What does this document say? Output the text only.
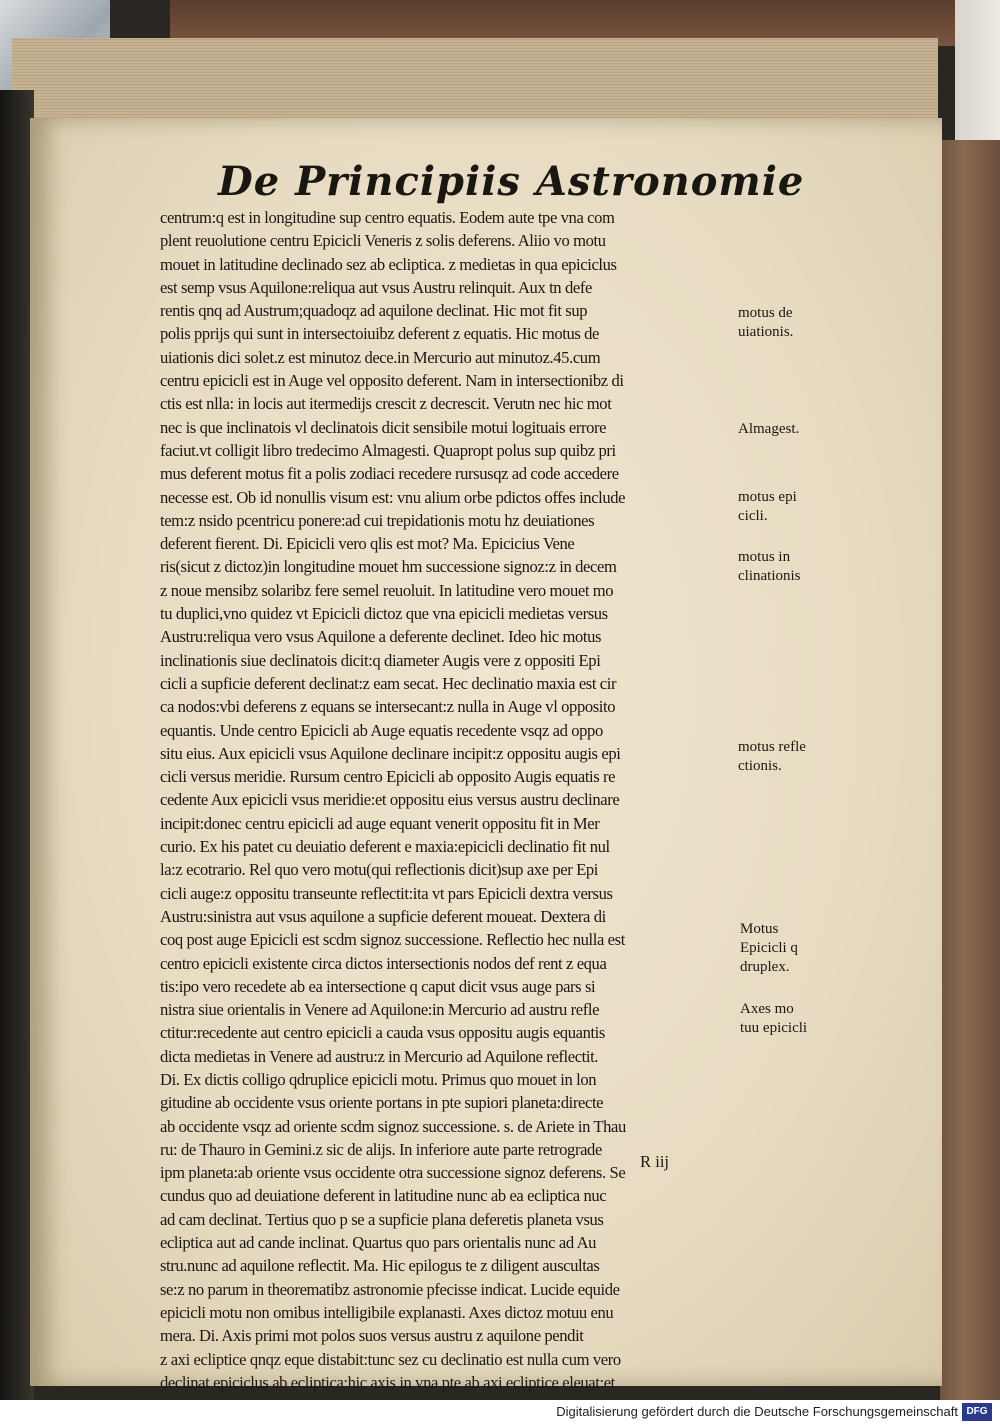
De Principiis Astronomie
centrum:q est in longitudine sup centro equatis. Eodem aute tpe vna com
plent reuolutione centru Epicicli Veneris z solis deferens. Aliio vo motu
mouet in latitudine declinado sez ab ecliptica. z medietas in qua epiciclus
est semp vsus Aquilone:reliqua aut vsus Austru relinquit. Aux tn defe
rentis qnq ad Austrum;quadoqz ad aquilone declinat. Hic mot fit sup
polis pprijs qui sunt in intersectoiuibz deferent z equatis. Hic motus de
uiationis dici solet.z est minutoz dece.in Mercurio aut minutoz.45.cum
centru epicicli est in Auge vel opposito deferent. Nam in intersectionibz di
ctis est nlla: in locis aut itermedijs crescit z decrescit. Verutn nec hic mot
nec is que inclinatois vl declinatois dicit sensibile motui logituais errore
faciut.vt colligit libro tredecimo Almagesti. Quapropt polus sup quibz pri
mus deferent motus fit a polis zodiaci recedere rursusqz ad code accedere
necesse est. Ob id nonullis visum est: vnu alium orbe pdictos offes include
tem:z nsido pcentricu ponere:ad cui trepidationis motu hz deuiationes
deferent fierent. Di. Epicicli vero qlis est mot? Ma. Epicicius Vene
ris(sicut z dictoz)in longitudine mouet hm successione signoz:z in decem
z noue mensibz solaribz fere semel reuoluit. In latitudine vero mouet mo
tu duplici,vno quidez vt Epicicli dictoz que vna epicicli medietas versus
Austru:reliqua vero vsus Aquilone a deferente declinet. Ideo hic motus
inclinationis siue declinatois dicit:q diameter Augis vere z oppositi Epi
cicli a supficie deferent declinat:z eam secat. Hec declinatio maxia est cir
ca nodos:vbi deferens z equans se intersecant:z nulla in Auge vl opposito
equantis. Unde centro Epicicli ab Auge equatis recedente vsqz ad oppo
situ eius. Aux epicicli vsus Aquilone declinare incipit:z oppositu augis epi
cicli versus meridie. Rursum centro Epicicli ab opposito Augis equatis re
cedente Aux epicicli vsus meridie:et oppositu eius versus austru declinare
incipit:donec centru epicicli ad auge equant venerit oppositu fit in Mer
curio. Ex his patet cu deuiatio deferent e maxia:epicicli declinatio fit nul
la:z ecotrario. Rel quo vero motu(qui reflectionis dicit)sup axe per Epi
cicli auge:z oppositu transeunte reflectit:ita vt pars Epicicli dextra versus
Austru:sinistra aut vsus aquilone a supficie deferent moueat. Dextera di
coq post auge Epicicli est scdm signoz successione. Reflectio hec nulla est
centro epicicli existente circa dictos intersectionis nodos def rent z equa
tis:ipo vero recedete ab ea intersectione q caput dicit vsus auge pars si
nistra siue orientalis in Venere ad Aquilone:in Mercurio ad austru refle
ctitur:recedente aut centro epicicli a cauda vsus oppositu augis equantis
dicta medietas in Venere ad austru:z in Mercurio ad Aquilone reflectit.
Di. Ex dictis colligo qdruplice epicicli motu. Primus quo mouet in lon
gitudine ab occidente vsus oriente portans in pte supiori planeta:directe
ab occidente vsqz ad oriente scdm signoz successione. s. de Ariete in Thau
ru: de Thauro in Gemini.z sic de alijs. In inferiore aute parte retrograde
ipm planeta:ab oriente vsus occidente otra successione signoz deferens. Se
cundus quo ad deuiatione deferent in latitudine nunc ab ea ecliptica nuc
ad cam declinat. Tertius quo p se a supficie plana deferetis planeta vsus
ecliptica aut ad cande inclinat. Quartus quo pars orientalis nunc ad Au
stru.nunc ad aquilone reflectit. Ma. Hic epilogus te z diligent auscultas
se:z no parum in theorematibz astronomie pfecisse indicat. Lucide equide
epicicli motu non omibus intelligibile explanasti. Axes dictoz motuu enu
mera. Di. Axis primi mot polos suos versus austru z aquilone pendit
z axi ecliptice qnqz eque distabit:tunc sez cu declinatio est nulla cum vero
declinat epiciclus ab ecliptica:hic axis in vna pte ab axi ecliptice eleuat:et
motus de
uiationis.
Almagest.
motus epi
cicli.
motus in
clinationis
motus refle
ctionis.
Motus
Epicicli q
druplex.
Axes mo
tuu epicicli
R iij
Digitalisierung gefördert durch die Deutsche Forschungsgemeinschaft DFG
